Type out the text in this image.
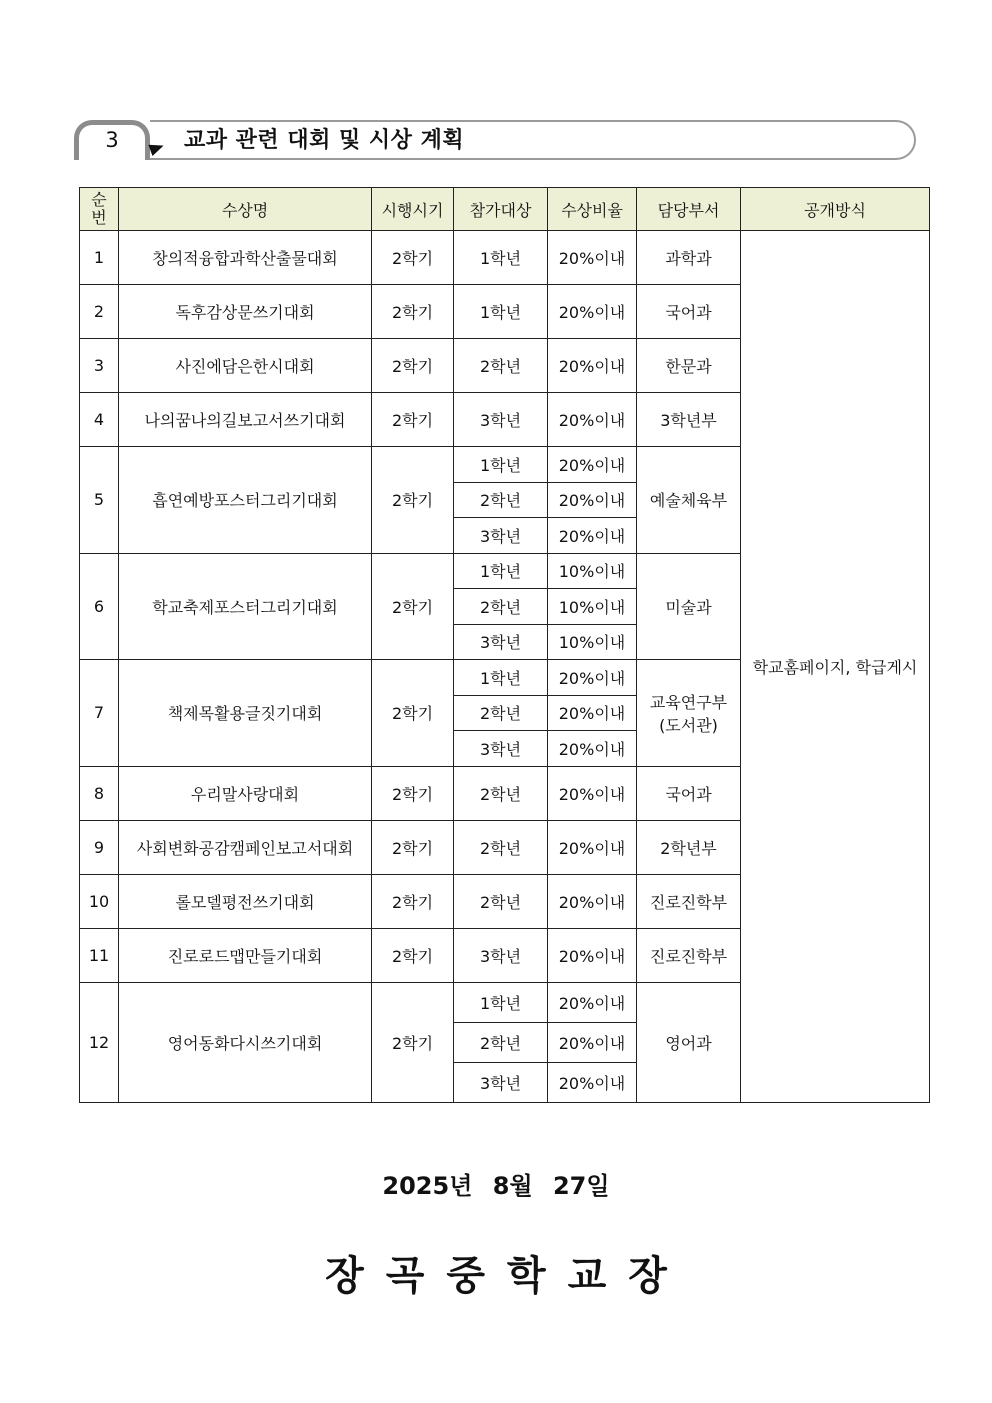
3	교과 관련 대회 및 시상 계획
순
번	수상명	시행시기	참가대상	수상비율	담당부서	공개방식
1	창의적융합과학산출물대회	2학기	1학년	20%이내	과학과	학교홈페이지, 학급게시
2	독후감상문쓰기대회	2학기	1학년	20%이내	국어과	
3	사진에담은한시대회	2학기	2학년	20%이내	한문과	
4	나의꿈나의길보고서쓰기대회	2학기	3학년	20%이내	3학년부	
5	흡연예방포스터그리기대회	2학기	1학년	20%이내	예술체육부	

			2학년	20%이내		
			3학년	20%이내		
6	학교축제포스터그리기대회	2학기	1학년	10%이내	미술과	

			2학년	10%이내		
			3학년	10%이내		
7	책제목활용글짓기대회	2학기	1학년	20%이내	교육연구부
(도서관)	

			2학년	20%이내		
			3학년	20%이내		
8	우리말사랑대회	2학기	2학년	20%이내	국어과	
9	사회변화공감캠페인보고서대회	2학기	2학년	20%이내	2학년부	
10	롤모델평전쓰기대회	2학기	2학년	20%이내	진로진학부	
11	진로로드맵만들기대회	2학기	3학년	20%이내	진로진학부	
12	영어동화다시쓰기대회	2학기	1학년	20%이내	영어과	

			2학년	20%이내		
			3학년	20%이내		
2025년 8월 27일
장곡중학교장
